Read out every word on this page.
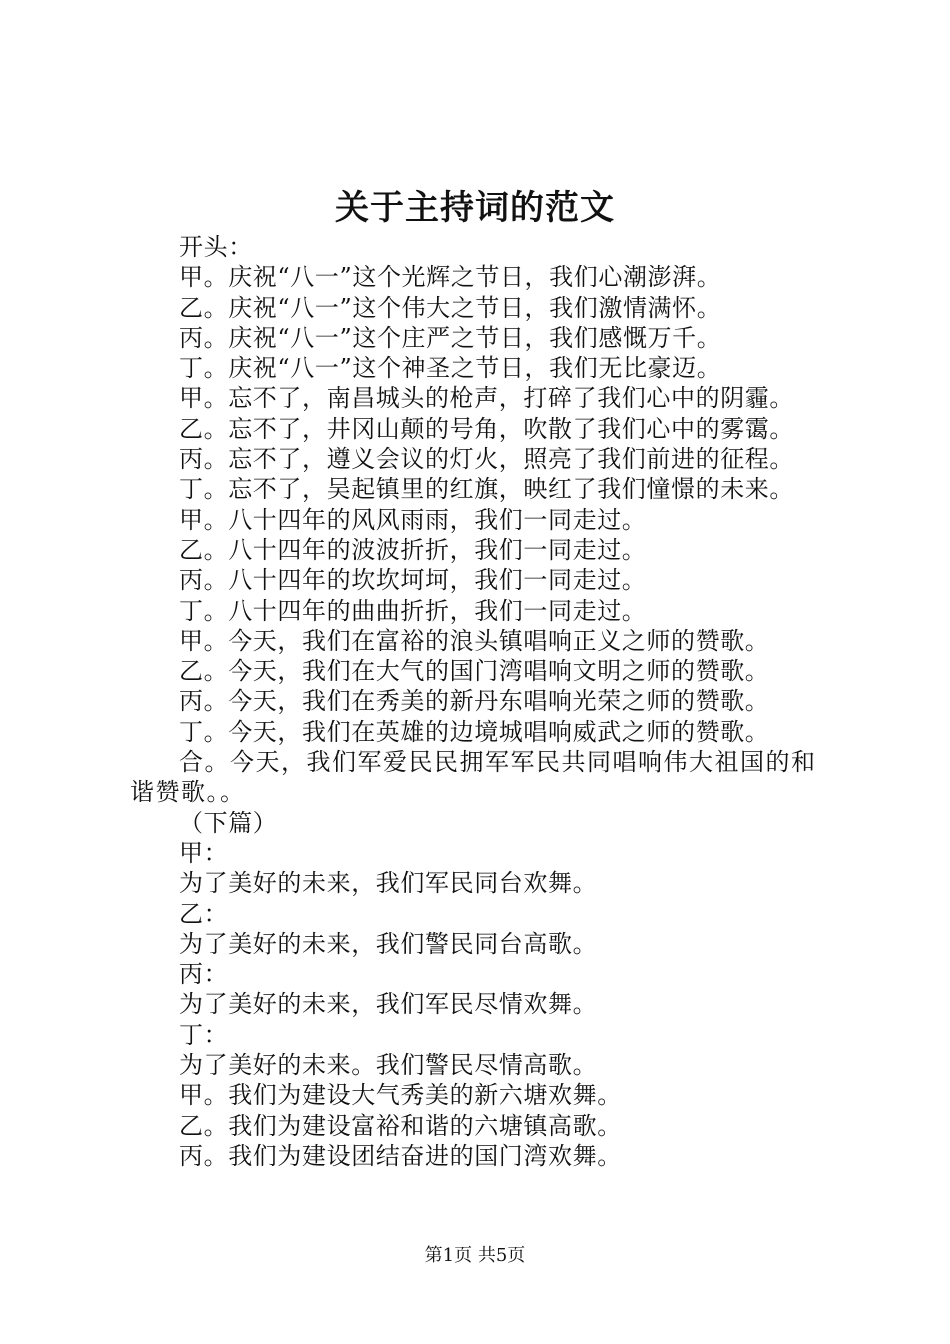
关于主持词的范文
开头：
甲。庆祝“八一”这个光辉之节日，我们心潮澎湃。
乙。庆祝“八一”这个伟大之节日，我们激情满怀。
丙。庆祝“八一”这个庄严之节日，我们感慨万千。
丁。庆祝“八一”这个神圣之节日，我们无比豪迈。
甲。忘不了，南昌城头的枪声，打碎了我们心中的阴霾。
乙。忘不了，井冈山颠的号角，吹散了我们心中的雾霭。
丙。忘不了，遵义会议的灯火，照亮了我们前进的征程。
丁。忘不了，吴起镇里的红旗，映红了我们憧憬的未来。
甲。八十四年的风风雨雨，我们一同走过。
乙。八十四年的波波折折，我们一同走过。
丙。八十四年的坎坎坷坷，我们一同走过。
丁。八十四年的曲曲折折，我们一同走过。
甲。今天，我们在富裕的浪头镇唱响正义之师的赞歌。
乙。今天，我们在大气的国门湾唱响文明之师的赞歌。
丙。今天，我们在秀美的新丹东唱响光荣之师的赞歌。
丁。今天，我们在英雄的边境城唱响威武之师的赞歌。
合。今天，我们军爱民民拥军军民共同唱响伟大祖国的和谐赞歌。。
（下篇）
甲：
为了美好的未来，我们军民同台欢舞。
乙：
为了美好的未来，我们警民同台高歌。
丙：
为了美好的未来，我们军民尽情欢舞。
丁：
为了美好的未来。我们警民尽情高歌。
甲。我们为建设大气秀美的新六塘欢舞。
乙。我们为建设富裕和谐的六塘镇高歌。
丙。我们为建设团结奋进的国门湾欢舞。
第1页 共5页
